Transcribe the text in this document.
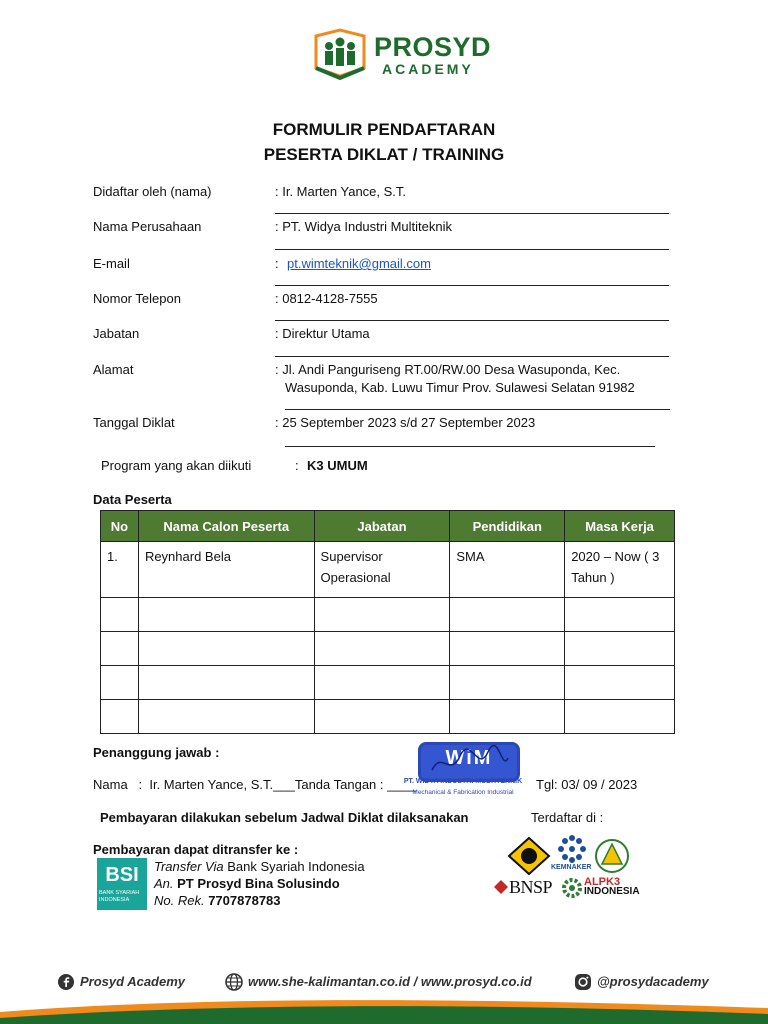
PROSYD
ACADEMY
FORMULIR PENDAFTARAN
PESERTA DIKLAT / TRAINING
Didaftar oleh (nama)	: Ir. Marten Yance, S.T.
Nama Perusahaan	: PT. Widya Industri Multiteknik
E-mail	: pt.wimteknik@gmail.com
Nomor Telepon	: 0812-4128-7555
Jabatan	: Direktur Utama
Alamat	: Jl. Andi Panguriseng RT.00/RW.00 Desa Wasuponda, Kec.
Wasuponda, Kab. Luwu Timur Prov. Sulawesi Selatan 91982
Tanggal Diklat	: 25 September 2023 s/d 27 September 2023
Program yang akan diikuti	: K3 UMUM
Data Peserta
No	Nama Calon Peserta	Jabatan	Pendidikan	Masa Kerja
1.	Reynhard Bela	Supervisor Operasional	SMA	2020 – Now ( 3 Tahun )

Penanggung jawab :
Nama   :  Ir. Marten Yance, S.T.___Tanda Tangan : ____	Tgl: 03/ 09 / 2023
WiM
PT. WIDYA INDUSTRI MULTITEKNIK
Mechanical & Fabrication Industrial
Pembayaran dilakukan sebelum Jadwal Diklat dilaksanakan	Terdaftar di :
Pembayaran dapat ditransfer ke :
BSI
BANK SYARIAH
INDONESIA
Transfer Via Bank Syariah Indonesia
An. PT Prosyd Bina Solusindo
No. Rek. 7707878783
KEMNAKER
BNSP	ALPK3
INDONESIA
Prosyd Academy	www.she-kalimantan.co.id / www.prosyd.co.id	@prosydacademy
